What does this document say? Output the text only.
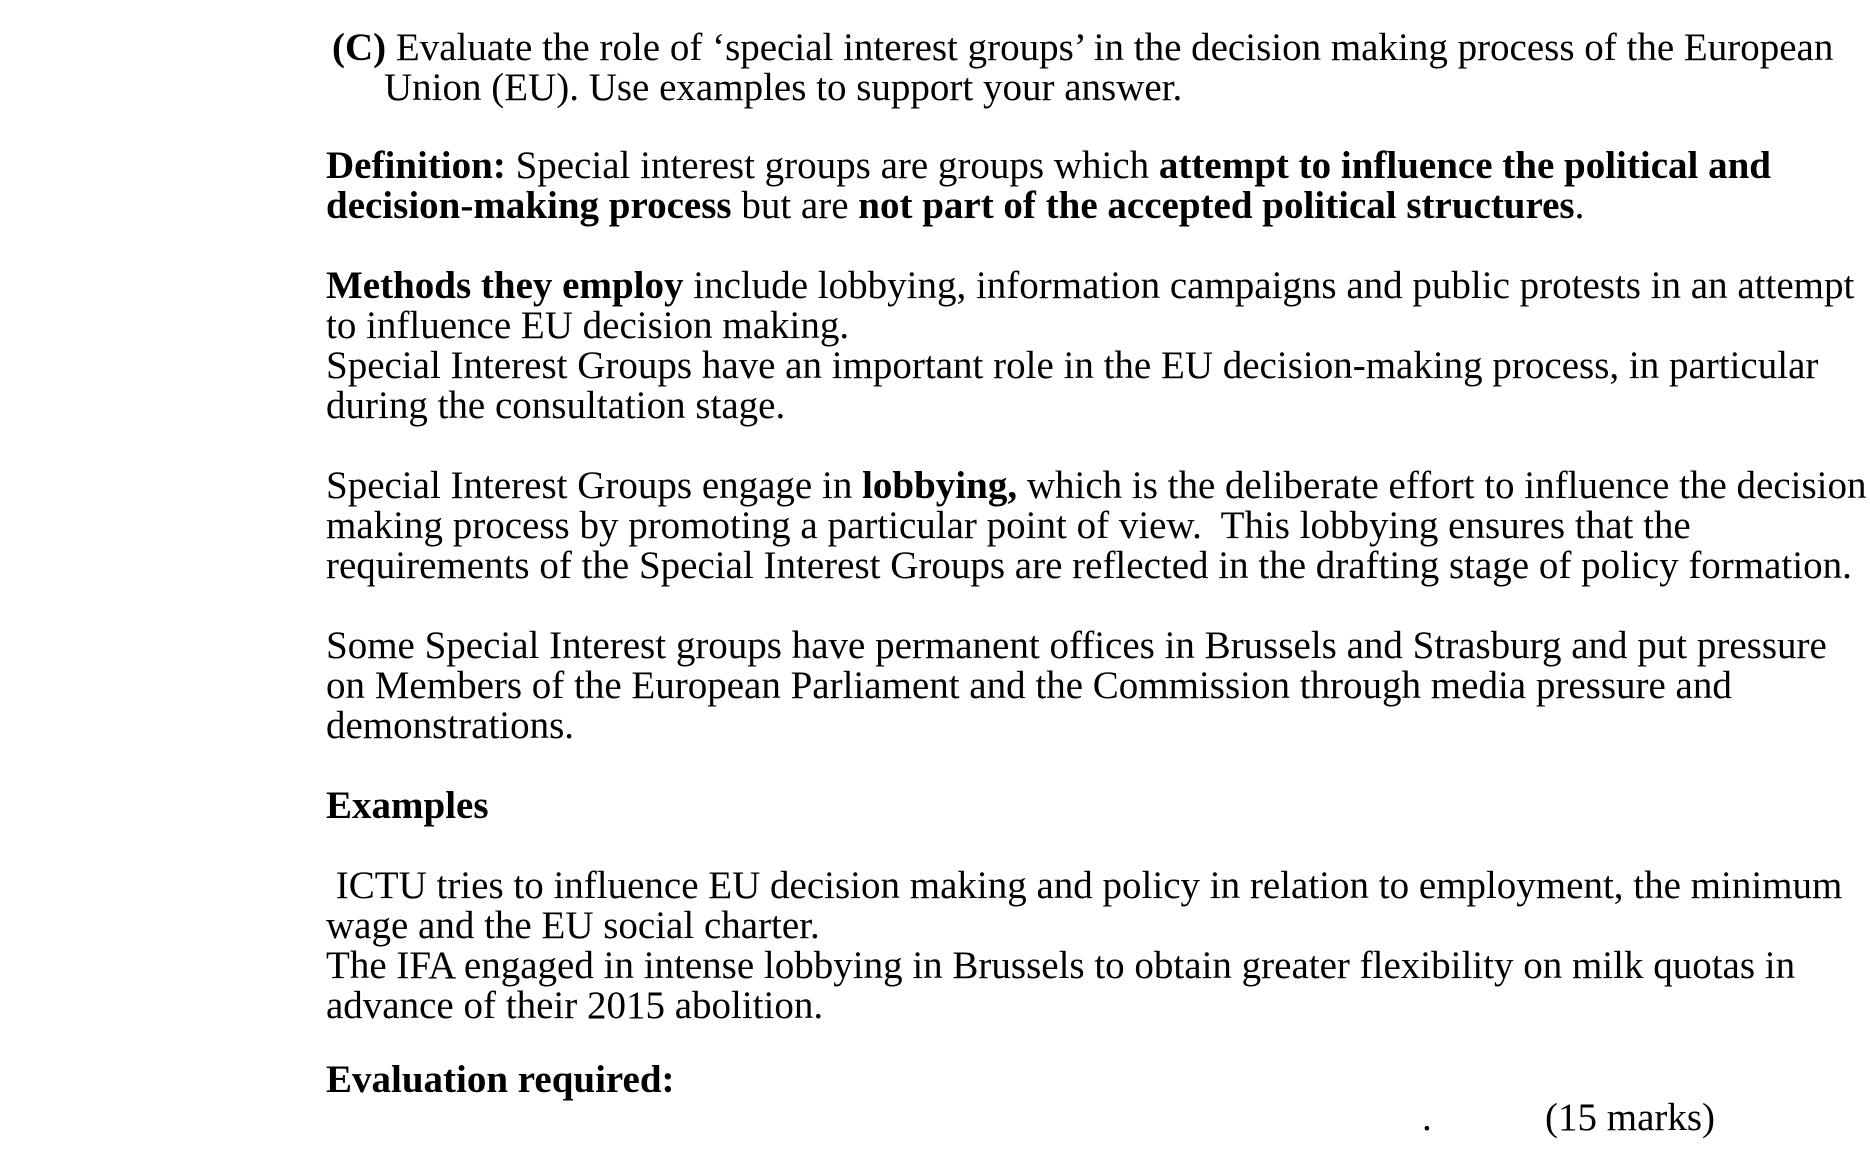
(C) Evaluate the role of ‘special interest groups’ in the decision making process of the European
Union (EU). Use examples to support your answer.
Definition: Special interest groups are groups which attempt to influence the political and
decision-making process but are not part of the accepted political structures.
Methods they employ include lobbying, information campaigns and public protests in an attempt
to influence EU decision making.
Special Interest Groups have an important role in the EU decision-making process, in particular
during the consultation stage.
Special Interest Groups engage in lobbying, which is the deliberate effort to influence the decision
making process by promoting a particular point of view.  This lobbying ensures that the
requirements of the Special Interest Groups are reflected in the drafting stage of policy formation.
Some Special Interest groups have permanent offices in Brussels and Strasburg and put pressure
on Members of the European Parliament and the Commission through media pressure and
demonstrations.
Examples
ICTU tries to influence EU decision making and policy in relation to employment, the minimum
wage and the EU social charter.
The IFA engaged in intense lobbying in Brussels to obtain greater flexibility on milk quotas in
advance of their 2015 abolition.
Evaluation required:
.	(15 marks)
